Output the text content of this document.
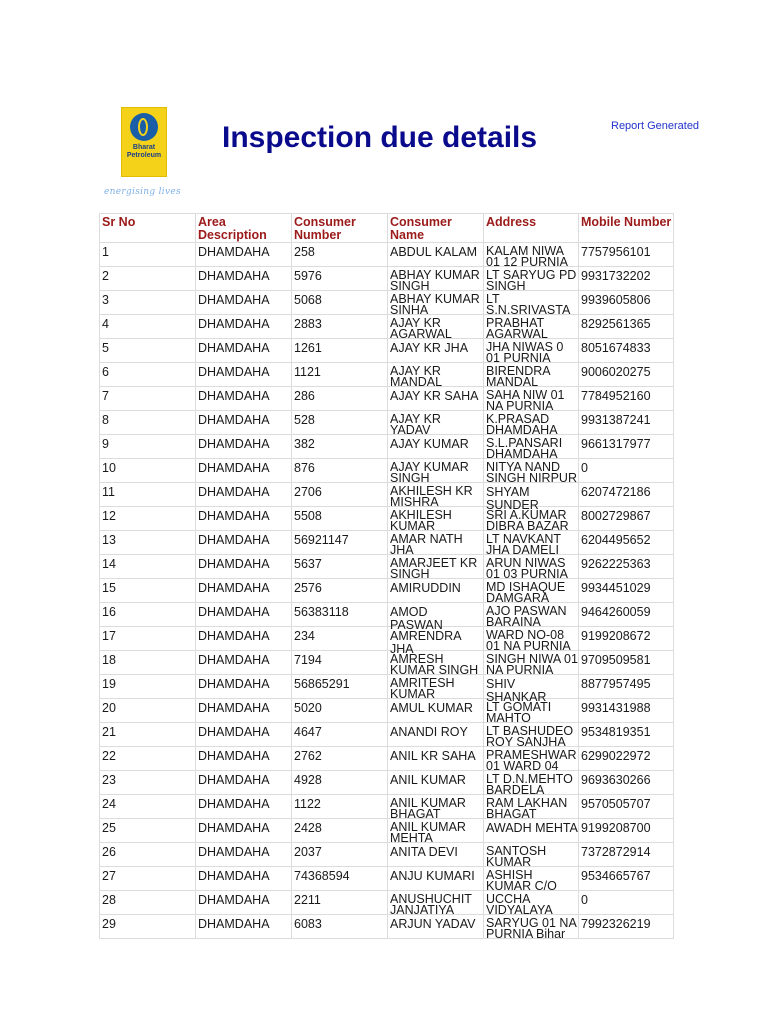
Bharat
Petroleum
energising lives
Inspection due details	Report Generated
Sr No	Area Description	Consumer Number	Consumer Name	Address	Mobile Number

1	DHAMDAHA	258	ABDUL KALAM	KALAM NIWA 01 12 PURNIA	7757956101

2	DHAMDAHA	5976	ABHAY KUMAR SINGH	LT SARYUG PD SINGH	9931732202

3	DHAMDAHA	5068	ABHAY KUMAR SINHA	LT S.N.SRIVASTA	9939605806

4	DHAMDAHA	2883	AJAY KR AGARWAL	PRABHAT AGARWAL	8292561365

5	DHAMDAHA	1261	AJAY KR JHA	JHA NIWAS 0 01 PURNIA	8051674833

6	DHAMDAHA	1121	AJAY KR MANDAL	BIRENDRA MANDAL	9006020275

7	DHAMDAHA	286	AJAY KR SAHA	SAHA NIW 01 NA PURNIA	7784952160

8	DHAMDAHA	528	AJAY KR YADAV	K.PRASAD DHAMDAHA	9931387241

9	DHAMDAHA	382	AJAY KUMAR	S.L.PANSARI DHAMDAHA	9661317977

10	DHAMDAHA	876	AJAY KUMAR SINGH	NITYA NAND SINGH NIRPUR	0

11	DHAMDAHA	2706	AKHILESH KR MISHRA	SHYAM SUNDER	6207472186

12	DHAMDAHA	5508	AKHILESH KUMAR	SRI A.KUMAR DIBRA BAZAR	8002729867

13	DHAMDAHA	56921147	AMAR NATH JHA	LT NAVKANT JHA DAMELI	6204495652

14	DHAMDAHA	5637	AMARJEET KR SINGH	ARUN NIWAS 01 03 PURNIA	9262225363

15	DHAMDAHA	2576	AMIRUDDIN	MD ISHAQUE DAMGARA	9934451029

16	DHAMDAHA	56383118	AMOD PASWAN	AJO PASWAN BARAINA	9464260059

17	DHAMDAHA	234	AMRENDRA JHA	WARD NO-08 01 NA PURNIA	9199208672

18	DHAMDAHA	7194	AMRESH KUMAR SINGH	SINGH NIWA 01 NA PURNIA	9709509581

19	DHAMDAHA	56865291	AMRITESH KUMAR	SHIV SHANKAR	8877957495

20	DHAMDAHA	5020	AMUL KUMAR	LT GOMATI MAHTO	9931431988

21	DHAMDAHA	4647	ANANDI ROY	LT BASHUDEO ROY SANJHA	9534819351

22	DHAMDAHA	2762	ANIL KR SAHA	PRAMESHWAR 01 WARD 04	6299022972

23	DHAMDAHA	4928	ANIL KUMAR	LT D.N.MEHTO BARDELA	9693630266

24	DHAMDAHA	1122	ANIL KUMAR BHAGAT	RAM LAKHAN BHAGAT	9570505707

25	DHAMDAHA	2428	ANIL KUMAR MEHTA	AWADH MEHTA	9199208700

26	DHAMDAHA	2037	ANITA DEVI	SANTOSH KUMAR	7372872914

27	DHAMDAHA	74368594	ANJU KUMARI	ASHISH KUMAR C/O	9534665767

28	DHAMDAHA	2211	ANUSHUCHIT JANJATIYA	UCCHA VIDYALAYA	0

29	DHAMDAHA	6083	ARJUN YADAV	SARYUG 01 NA PURNIA Bihar	7992326219
